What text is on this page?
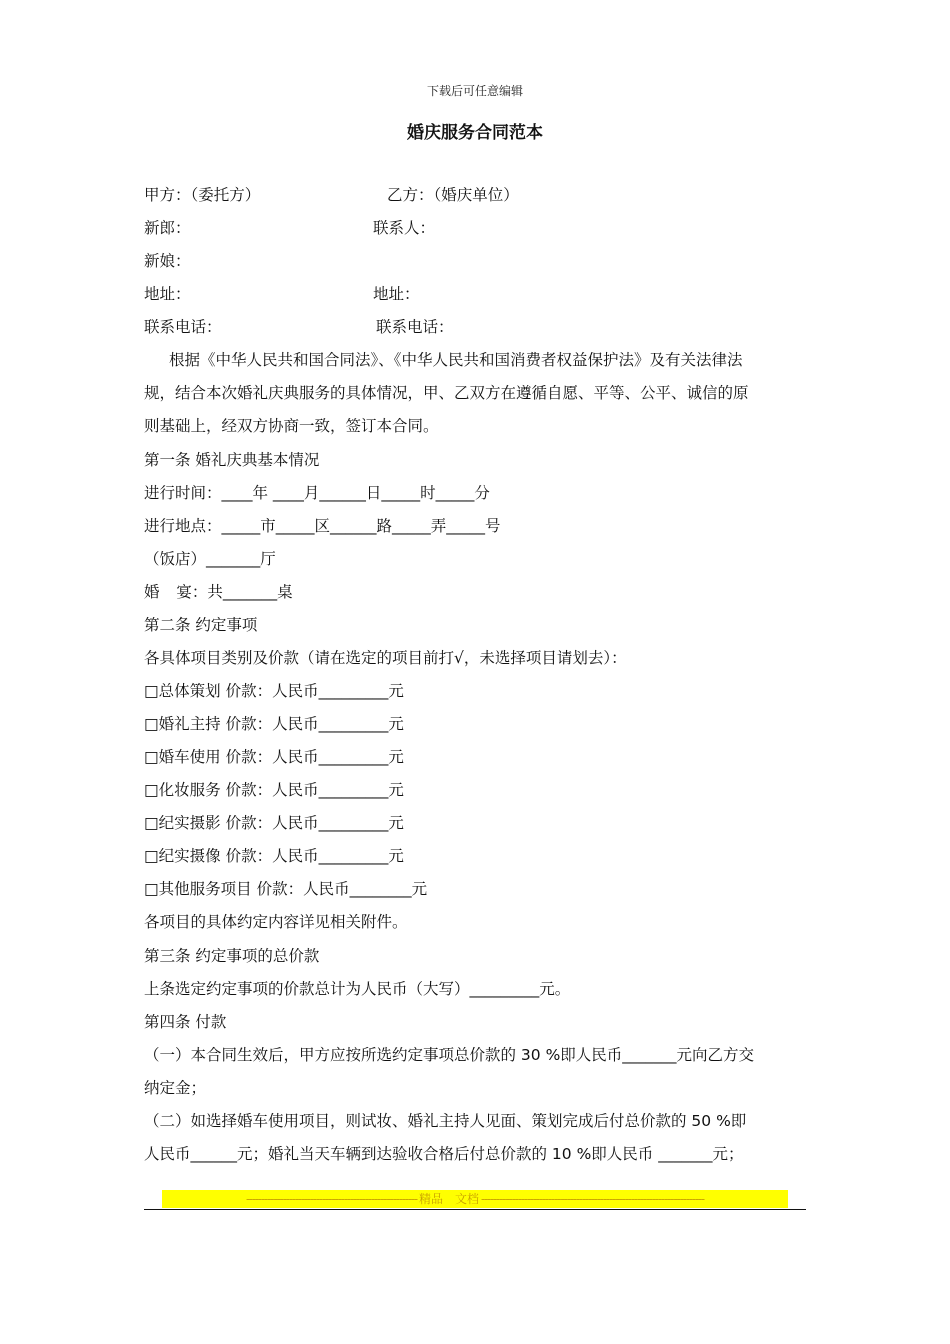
下载后可任意编辑
婚庆服务合同范本
甲方：（委托方）	乙方：（婚庆单位）
新郎：	联系人：
新娘：
地址：	地址：
联系电话：	联系电话：
根据《中华人民共和国合同法》、《中华人民共和国消费者权益保护法》及有关法律法
规，结合本次婚礼庆典服务的具体情况，甲、乙双方在遵循自愿、平等、公平、诚信的原
则基础上，经双方协商一致，签订本合同。
第一条 婚礼庆典基本情况
进行时间：____年 ____月______日_____时_____分
进行地点：_____市_____区______路_____弄_____号
（饭店）_______厅
婚 宴：共_______桌
第二条 约定事项
各具体项目类别及价款（请在选定的项目前打√，未选择项目请划去）：
□总体策划 价款：人民币_________元
□婚礼主持 价款：人民币_________元
□婚车使用 价款：人民币_________元
□化妆服务 价款：人民币_________元
□纪实摄影 价款：人民币_________元
□纪实摄像 价款：人民币_________元
□其他服务项目 价款：人民币________元
各项目的具体约定内容详见相关附件。
第三条 约定事项的总价款
上条选定约定事项的价款总计为人民币（大写）_________元。
第四条 付款
（一）本合同生效后，甲方应按所选约定事项总价款的 30 %即人民币_______元向乙方交
纳定金；
（二）如选择婚车使用项目，则试妆、婚礼主持人见面、策划完成后付总价款的 50 %即
人民币______元；婚礼当天车辆到达验收合格后付总价款的 10 %即人民币 _______元；
-------------------------------------------------------- 精品　文档 -------------------------------------------------------------------------
